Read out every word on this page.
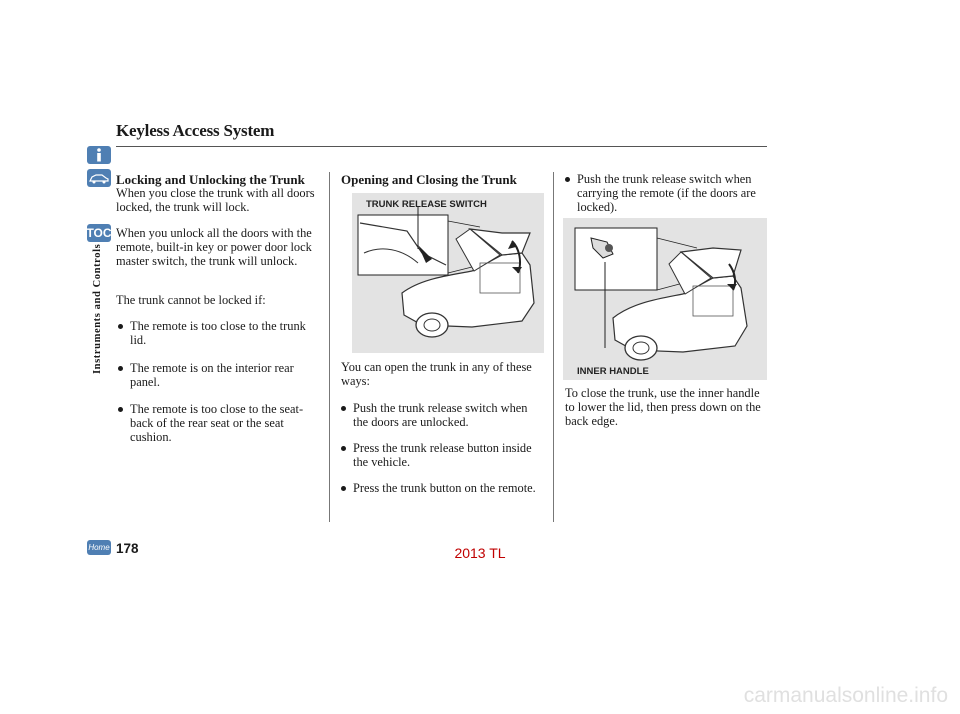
Keyless Access System
TOC
Instruments and Controls
Locking and Unlocking the Trunk
When you close the trunk with all doors locked, the trunk will lock.
When you unlock all the doors with the remote, built-in key or power door lock master switch, the trunk will unlock.
The trunk cannot be locked if:
The remote is too close to the trunk lid.
The remote is on the interior rear panel.
The remote is too close to the seat-back of the rear seat or the seat cushion.
Opening and Closing the Trunk
TRUNK RELEASE SWITCH
You can open the trunk in any of these ways:
Push the trunk release switch when the doors are unlocked.
Press the trunk release button inside the vehicle.
Press the trunk button on the remote.
Push the trunk release switch when carrying the remote (if the doors are locked).
INNER HANDLE
To close the trunk, use the inner handle to lower the lid, then press down on the back edge.
Home 178	2013 TL
carmanualsonline.info
